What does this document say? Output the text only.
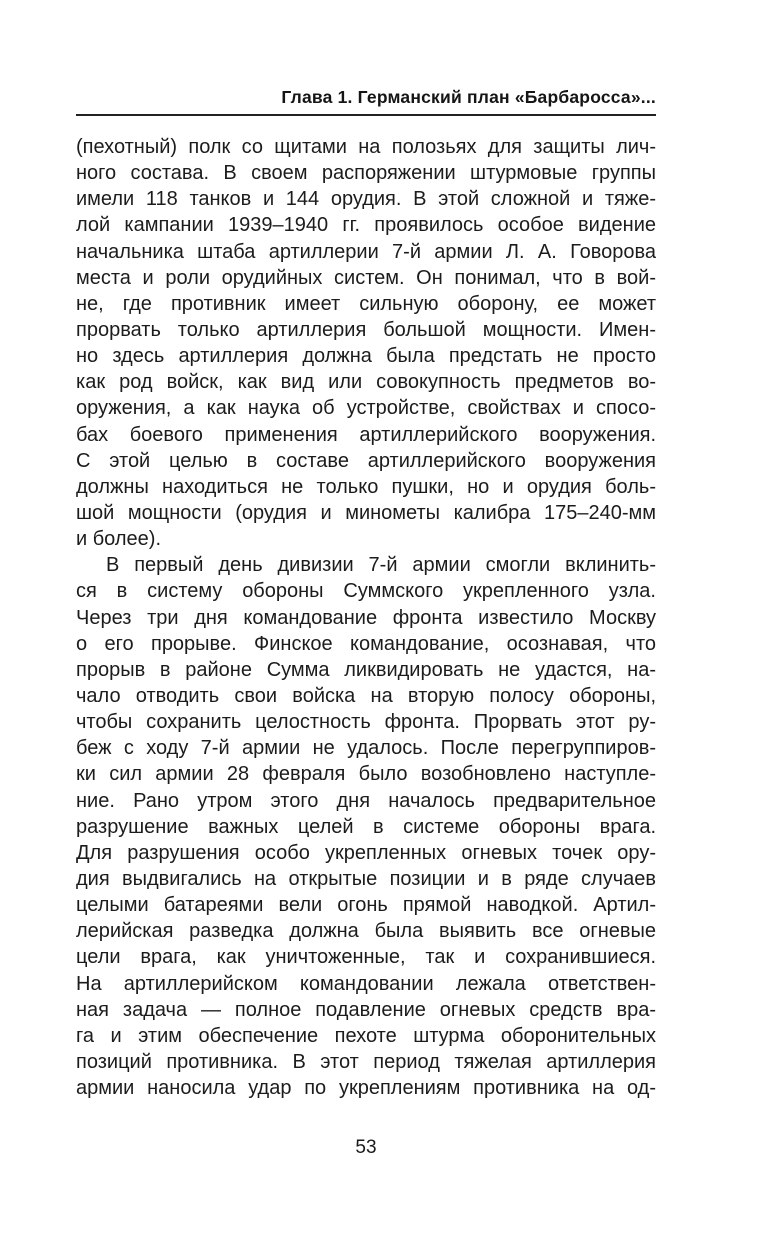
Глава 1. Германский план «Барбаросса»...
(пехотный) полк со щитами на полозьях для защиты лич-
ного состава. В своем распоряжении штурмовые группы
имели 118 танков и 144 орудия. В этой сложной и тяже-
лой кампании 1939–1940 гг. проявилось особое видение
начальника штаба артиллерии 7-й армии Л. А. Говорова
места и роли орудийных систем. Он понимал, что в вой-
не, где противник имеет сильную оборону, ее может
прорвать только артиллерия большой мощности. Имен-
но здесь артиллерия должна была предстать не просто
как род войск, как вид или совокупность предметов во-
оружения, а как наука об устройстве, свойствах и спосо-
бах боевого применения артиллерийского вооружения.
С этой целью в составе артиллерийского вооружения
должны находиться не только пушки, но и орудия боль-
шой мощности (орудия и минометы калибра 175–240-мм
и более).
В первый день дивизии 7-й армии смогли вклинить-
ся в систему обороны Суммского укрепленного узла.
Через три дня командование фронта известило Москву
о его прорыве. Финское командование, осознавая, что
прорыв в районе Сумма ликвидировать не удастся, на-
чало отводить свои войска на вторую полосу обороны,
чтобы сохранить целостность фронта. Прорвать этот ру-
беж с ходу 7-й армии не удалось. После перегруппиров-
ки сил армии 28 февраля было возобновлено наступле-
ние. Рано утром этого дня началось предварительное
разрушение важных целей в системе обороны врага.
Для разрушения особо укрепленных огневых точек ору-
дия выдвигались на открытые позиции и в ряде случаев
целыми батареями вели огонь прямой наводкой. Артил-
лерийская разведка должна была выявить все огневые
цели врага, как уничтоженные, так и сохранившиеся.
На артиллерийском командовании лежала ответствен-
ная задача — полное подавление огневых средств вра-
га и этим обеспечение пехоте штурма оборонительных
позиций противника. В этот период тяжелая артиллерия
армии наносила удар по укреплениям противника на од-
53
